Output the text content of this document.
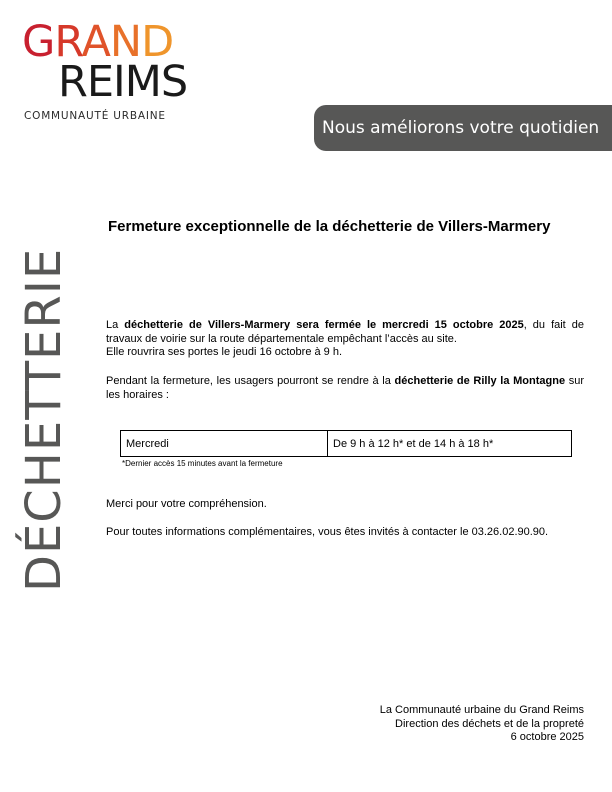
GRAND
REIMS
COMMUNAUTÉ URBAINE
Nous améliorons votre quotidien
DÉCHETTERIE
Fermeture exceptionnelle de la déchetterie de Villers-Marmery
La déchetterie de Villers-Marmery sera fermée le mercredi 15 octobre 2025, du fait de travaux de voirie sur la route départementale empêchant l’accès au site.
Elle rouvrira ses portes le jeudi 16 octobre à 9 h.
Pendant la fermeture, les usagers pourront se rendre à la déchetterie de Rilly la Montagne sur les horaires :
Mercredi	De 9 h à 12 h* et de 14 h à 18 h*
*Dernier accès 15 minutes avant la fermeture
Merci pour votre compréhension.
Pour toutes informations complémentaires, vous êtes invités à contacter le 03.26.02.90.90.
La Communauté urbaine du Grand Reims
Direction des déchets et de la propreté
6 octobre 2025
